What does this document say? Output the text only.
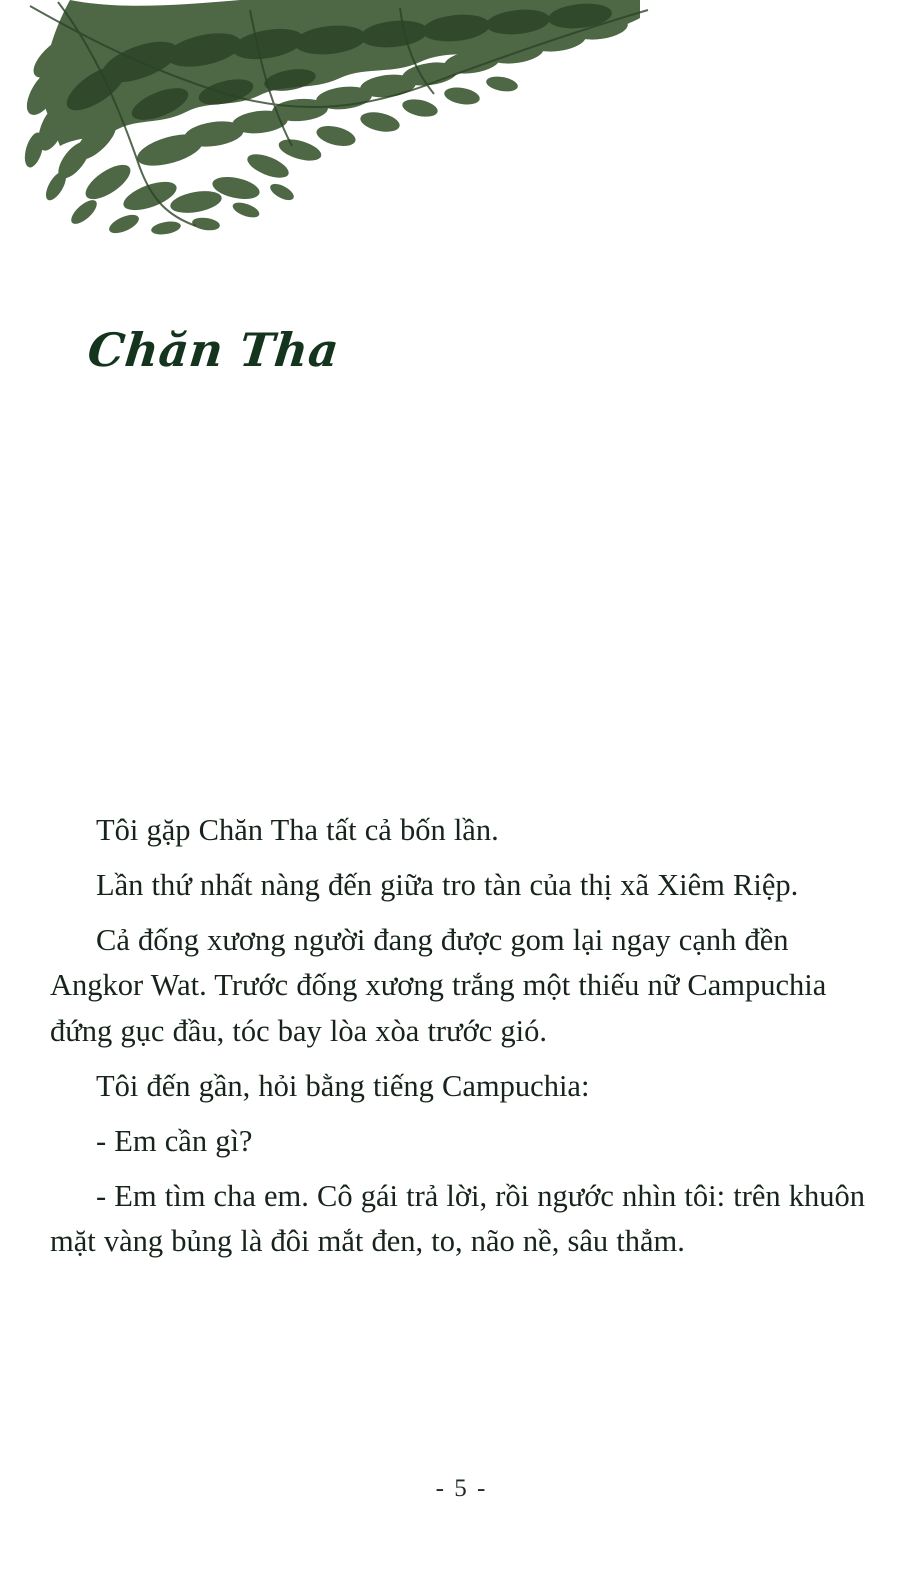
Chăn Tha

Tôi gặp Chăn Tha tất cả bốn lần.

Lần thứ nhất nàng đến giữa tro tàn của thị xã Xiêm Riệp.

Cả đống xương người đang được gom lại ngay cạnh đền Angkor Wat. Trước đống xương trắng một thiếu nữ Campuchia đứng gục đầu, tóc bay lòa xòa trước gió.

Tôi đến gần, hỏi bằng tiếng Campuchia:

- Em cần gì?

- Em tìm cha em. Cô gái trả lời, rồi ngước nhìn tôi: trên khuôn mặt vàng bủng là đôi mắt đen, to, não nề, sâu thẳm.

- 5 -
